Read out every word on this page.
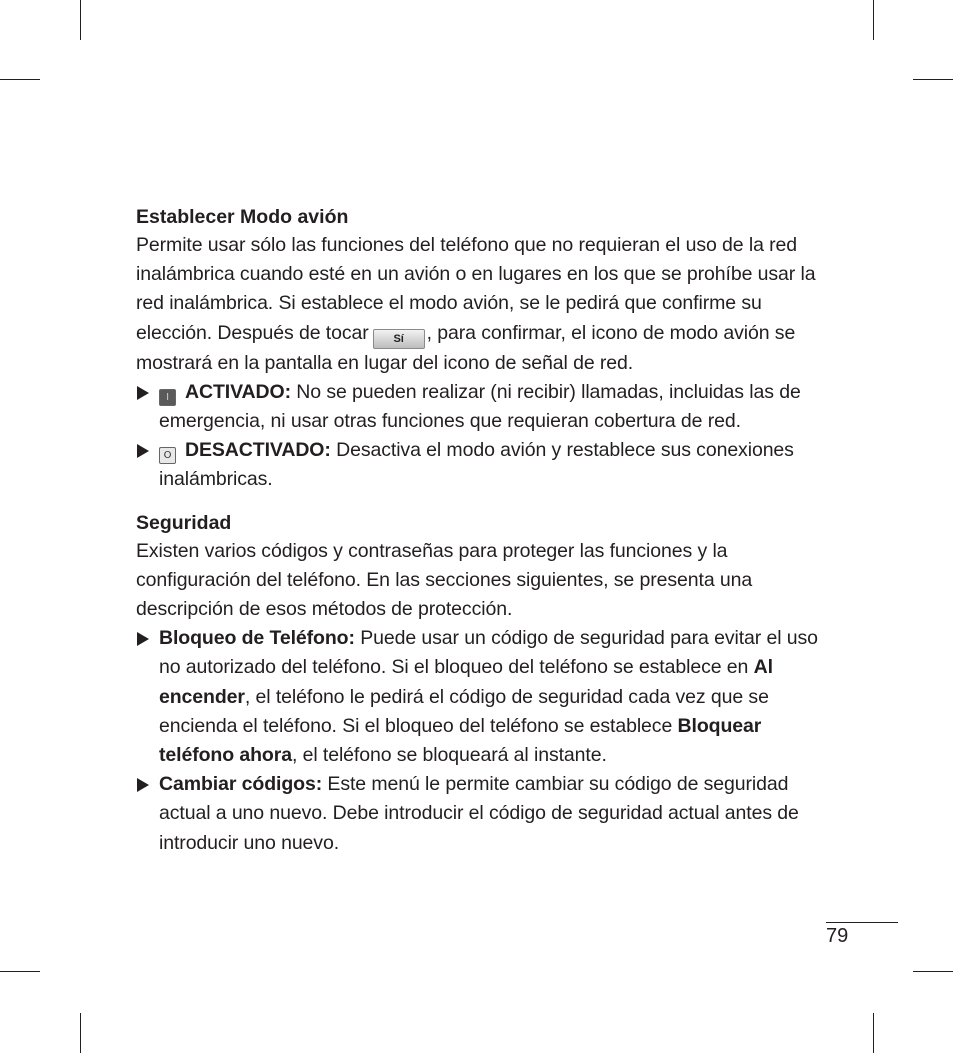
Establecer Modo avión

Permite usar sólo las funciones del teléfono que no requieran el uso de la red inalámbrica cuando esté en un avión o en lugares en los que se prohíbe usar la red inalámbrica. Si establece el modo avión, se le pedirá que confirme su elección. Después de tocar Sí , para confirmar, el icono de modo avión se mostrará en la pantalla en lugar del icono de señal de red.

I ACTIVADO: No se pueden realizar (ni recibir) llamadas, incluidas las de emergencia, ni usar otras funciones que requieran cobertura de red.

O DESACTIVADO: Desactiva el modo avión y restablece sus conexiones inalámbricas.

Seguridad

Existen varios códigos y contraseñas para proteger las funciones y la configuración del teléfono. En las secciones siguientes, se presenta una descripción de esos métodos de protección.

Bloqueo de Teléfono: Puede usar un código de seguridad para evitar el uso no autorizado del teléfono. Si el bloqueo del teléfono se establece en Al encender, el teléfono le pedirá el código de seguridad cada vez que se encienda el teléfono. Si el bloqueo del teléfono se establece Bloquear teléfono ahora, el teléfono se bloqueará al instante.

Cambiar códigos: Este menú le permite cambiar su código de seguridad actual a uno nuevo. Debe introducir el código de seguridad actual antes de introducir uno nuevo.

79
